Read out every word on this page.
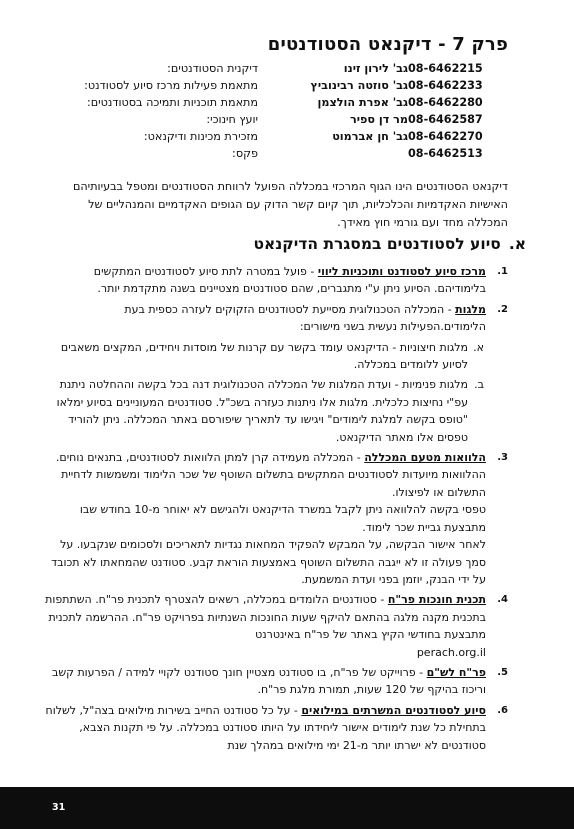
פרק 7 - דיקנאט הסטודנטים
דיקנית הסטודנטים:	גב' לירון זינו	08-6462215
מתאמת פעילות מרכז סיוע לסטודנט:	גב' סוזטה רבינוביץ	08-6462233
מתאמת תוכניות ותמיכה בסטודנטים:	גב' אפרת הולצמן	08-6462280
יועץ חינוכי:	מר דן ספיר	08-6462587
מזכירת מכינות ודיקנאט:	גב' חן אברמוט	08-6462270
פקס:		08-6462513
דיקנאט הסטודנטים הינו הגוף המרכזי במכללה הפועל לרווחת הסטודנטים ומטפל בבעיותיהם האישיות האקדמיות והכלכליות, תוך קיום קשר הדוק עם הגופים האקדמיים והמנהליים של המכללה מחד ועם גורמי חוץ מאידך.
א.סיוע לסטודנטים במסגרת הדיקנאט
1.

מרכז סיוע לסטודנט ותוכניות ליווי - פועל במטרה לתת סיוע לסטודנטים המתקשים בלימודיהם. הסיוע ניתן ע"י מתגברים, שהם סטודנטים מצטיינים בשנה מתקדמת יותר.

2.

מלגות - המכללה הטכנולוגית מסייעת לסטודנטים הזקוקים לעזרה כספית בעת הלימודים.הפעילות נעשית בשני מישורים:

א.
מלגות חיצוניות - הדיקנאט עומד בקשר עם קרנות של מוסדות ויחידים, המקצים משאבים לסיוע ללומדים במכללה.
ב.
מלגות פנימיות - ועדת המלגות של המכללה הטכנולוגית דנה בכל בקשה וההחלטה ניתנת עפ"י נחיצות כלכלית. מלגות אלו ניתנות כעזרה בשכ"ל. סטודנטים המעוניינים בסיוע ימלאו "טופס בקשה למלגת לימודים" ויגישו עד לתאריך שיפורסם באתר המכללה. ניתן להוריד טפסים אלו מאתר הדיקנאט.
3.

הלוואות מטעם המכללה - המכללה מעמידה קרן למתן הלוואות לסטודנטים, בתנאים נוחים. ההלוואות מיועדות לסטודנטים המתקשים בתשלום השוטף של שכר הלימוד ומשמשות לדחיית התשלום או לפיצולו.

טפסי בקשה להלוואה ניתן לקבל במשרד הדיקנאט ולהגישם לא יאוחר מ-10 בחודש שבו מתבצעת גביית שכר לימוד.

לאחר אישור הבקשה, על המבקש להפקיד המחאות נגדיות לתאריכים ולסכומים שנקבעו. על סמך פעולה זו לא ייגבה התשלום השוטף באמצעות הוראת קבע. סטודנט שהמחאתו לא תכובד על ידי הבנק, יוזמן בפני ועדת המשמעת.

4.

תכנית חונכות פר"ח - סטודנטים הלומדים במכללה, רשאים להצטרף לתכנית פר"ח. השתתפות בתכנית מקנה מלגה בהתאם להיקף שעות החונכות השנתיות בפרויקט פר"ח. ההרשמה לתכנית מתבצעת בחודשי הקיץ באתר של פר"ח באינטרנט

perach.org.il

5.

פר"ח לש"ם - פרוייקט של פר"ח, בו סטודנט מצטיין חונך סטודנט לקויי למידה / הפרעות קשב וריכוז בהיקף של 120 שעות, תמורת מלגת פר"ח.

6.

סיוע לסטודנטים המשרתים במילואים - על כל סטודנט החייב בשירות מילואים בצה"ל, לשלוח בתחילת כל שנת לימודים אישור ליחידתו על היותו סטודנט במכללה. על פי תקנות הצבא, סטודנטים לא ישרתו יותר מ-21 ימי מילואים במהלך שנת

31
